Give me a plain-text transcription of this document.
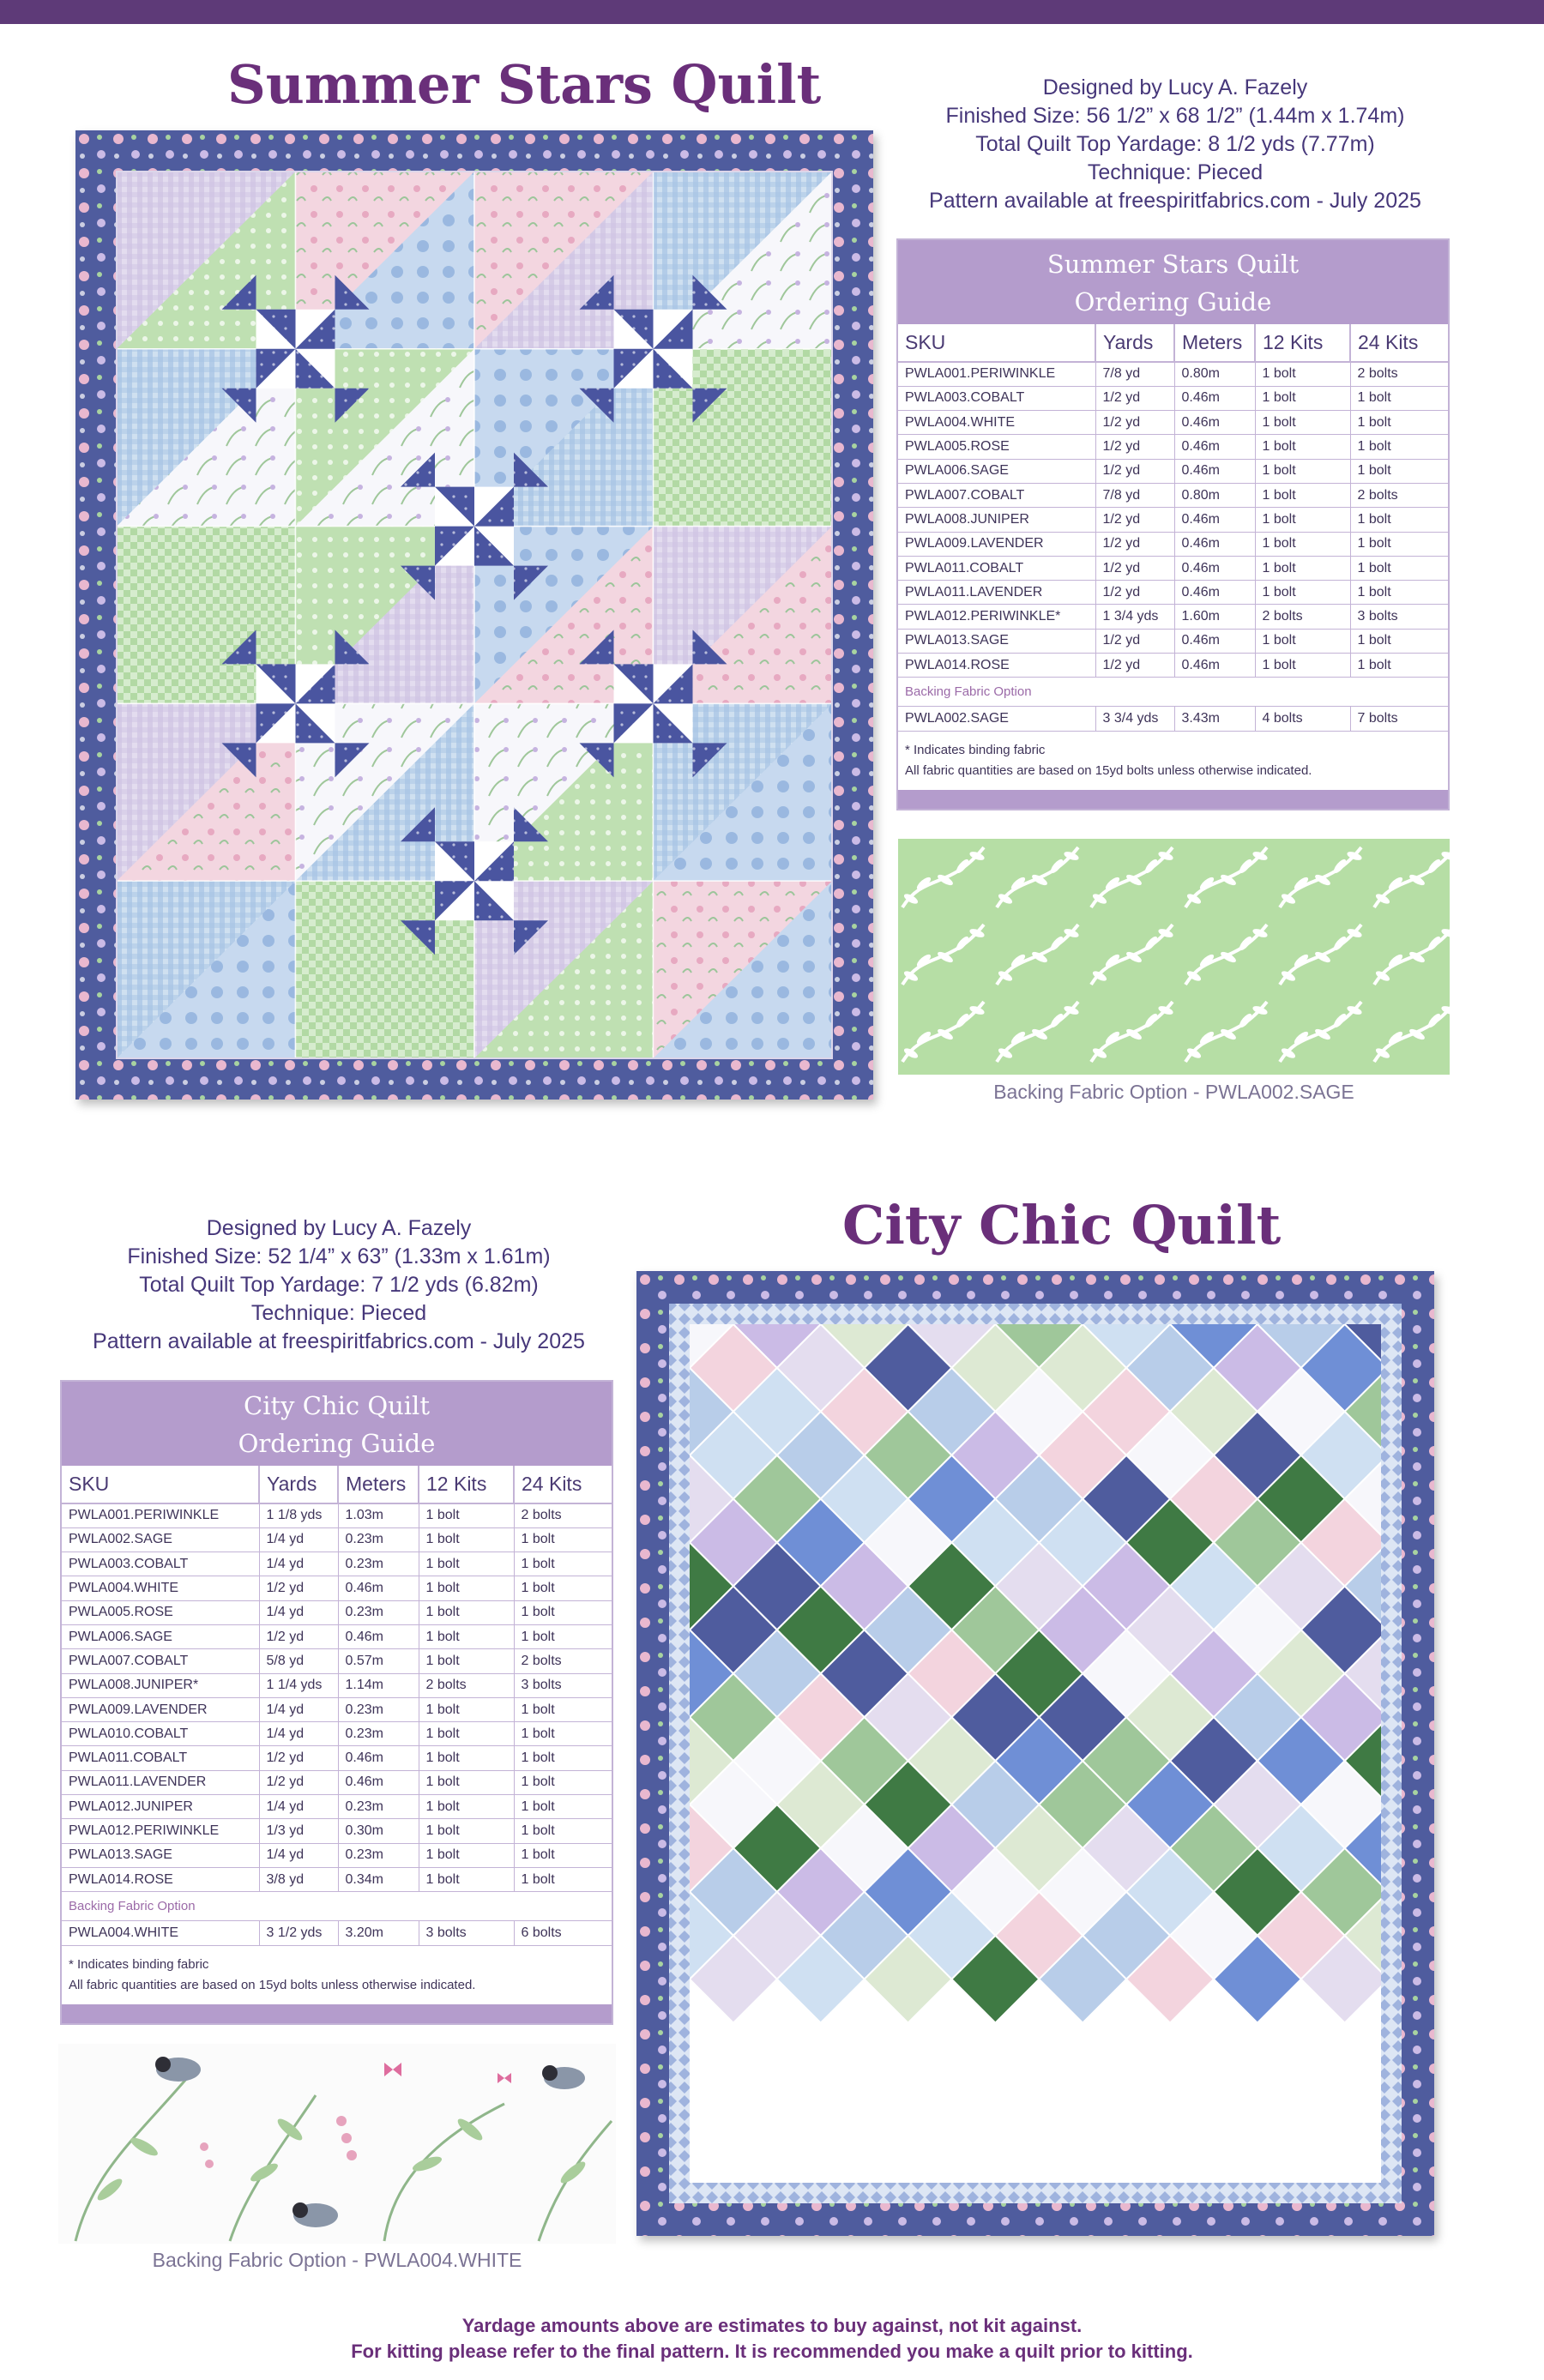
Summer Stars Quilt	Designed by Lucy A. Fazely
Finished Size: 56 1/2” x 68 1/2” (1.44m x 1.74m)
Total Quilt Top Yardage: 8 1/2 yds (7.77m)
Technique: Pieced
Pattern available at freespiritfabrics.com - July 2025
Summer Stars Quilt
Ordering Guide
SKU	Yards	Meters	12 Kits	24 Kits
PWLA001.PERIWINKLE	7/8 yd	0.80m	1 bolt	2 bolts
PWLA003.COBALT	1/2 yd	0.46m	1 bolt	1 bolt
PWLA004.WHITE	1/2 yd	0.46m	1 bolt	1 bolt
PWLA005.ROSE	1/2 yd	0.46m	1 bolt	1 bolt
PWLA006.SAGE	1/2 yd	0.46m	1 bolt	1 bolt
PWLA007.COBALT	7/8 yd	0.80m	1 bolt	2 bolts
PWLA008.JUNIPER	1/2 yd	0.46m	1 bolt	1 bolt
PWLA009.LAVENDER	1/2 yd	0.46m	1 bolt	1 bolt
PWLA011.COBALT	1/2 yd	0.46m	1 bolt	1 bolt
PWLA011.LAVENDER	1/2 yd	0.46m	1 bolt	1 bolt
PWLA012.PERIWINKLE*	1 3/4 yds	1.60m	2 bolts	3 bolts
PWLA013.SAGE	1/2 yd	0.46m	1 bolt	1 bolt
PWLA014.ROSE	1/2 yd	0.46m	1 bolt	1 bolt
Backing Fabric Option				
PWLA002.SAGE	3 3/4 yds	3.43m	4 bolts	7 bolts
* Indicates binding fabric
All fabric quantities are based on 15yd bolts unless otherwise indicated.
Backing Fabric Option - PWLA002.SAGE
Designed by Lucy A. Fazely
Finished Size: 52 1/4” x 63” (1.33m x 1.61m)
Total Quilt Top Yardage: 7 1/2 yds (6.82m)
Technique: Pieced
Pattern available at freespiritfabrics.com - July 2025
City Chic Quilt
City Chic Quilt
Ordering Guide
SKU	Yards	Meters	12 Kits	24 Kits
PWLA001.PERIWINKLE	1 1/8 yds	1.03m	1 bolt	2 bolts
PWLA002.SAGE	1/4 yd	0.23m	1 bolt	1 bolt
PWLA003.COBALT	1/4 yd	0.23m	1 bolt	1 bolt
PWLA004.WHITE	1/2 yd	0.46m	1 bolt	1 bolt
PWLA005.ROSE	1/4 yd	0.23m	1 bolt	1 bolt
PWLA006.SAGE	1/2 yd	0.46m	1 bolt	1 bolt
PWLA007.COBALT	5/8 yd	0.57m	1 bolt	2 bolts
PWLA008.JUNIPER*	1 1/4 yds	1.14m	2 bolts	3 bolts
PWLA009.LAVENDER	1/4 yd	0.23m	1 bolt	1 bolt
PWLA010.COBALT	1/4 yd	0.23m	1 bolt	1 bolt
PWLA011.COBALT	1/2 yd	0.46m	1 bolt	1 bolt
PWLA011.LAVENDER	1/2 yd	0.46m	1 bolt	1 bolt
PWLA012.JUNIPER	1/4 yd	0.23m	1 bolt	1 bolt
PWLA012.PERIWINKLE	1/3 yd	0.30m	1 bolt	1 bolt
PWLA013.SAGE	1/4 yd	0.23m	1 bolt	1 bolt
PWLA014.ROSE	3/8 yd	0.34m	1 bolt	1 bolt
Backing Fabric Option				
PWLA004.WHITE	3 1/2 yds	3.20m	3 bolts	6 bolts
* Indicates binding fabric
All fabric quantities are based on 15yd bolts unless otherwise indicated.
Backing Fabric Option - PWLA004.WHITE
Yardage amounts above are estimates to buy against, not kit against.
For kitting please refer to the final pattern. It is recommended you make a quilt prior to kitting.
